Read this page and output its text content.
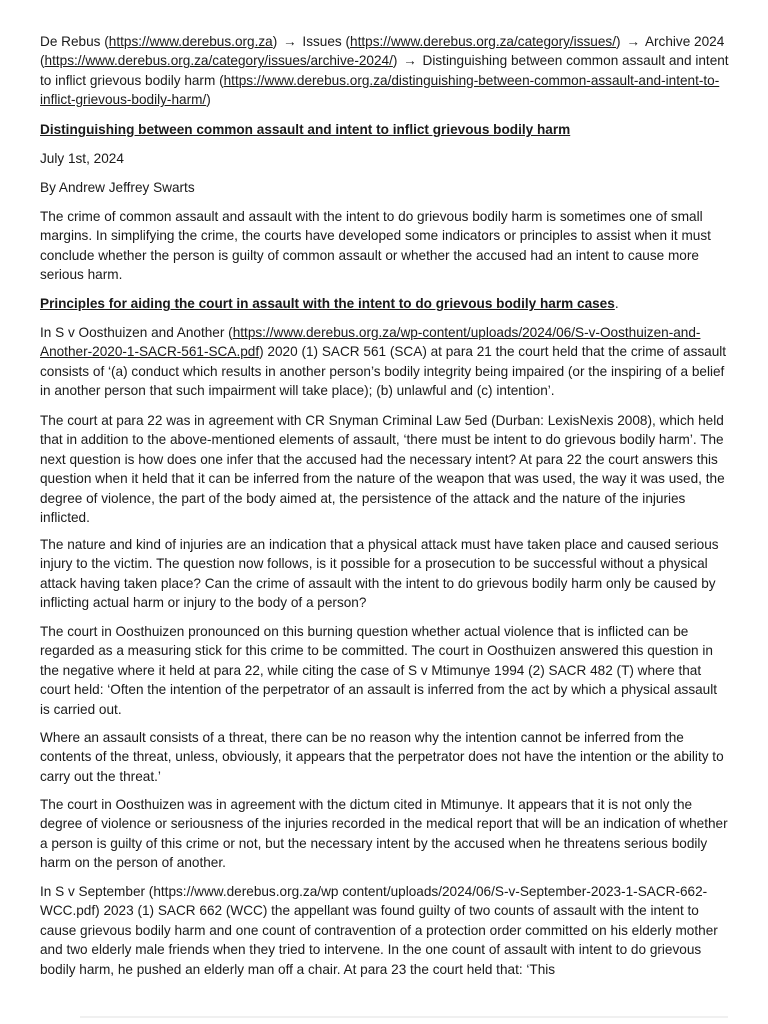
De Rebus (https://www.derebus.org.za) → Issues (https://www.derebus.org.za/category/issues/) → Archive 2024 (https://www.derebus.org.za/category/issues/archive-2024/) → Distinguishing between common assault and intent to inflict grievous bodily harm (https://www.derebus.org.za/distinguishing-between-common-assault-and-intent-to-inflict-grievous-bodily-harm/)

Distinguishing between common assault and intent to inflict grievous bodily harm

July 1st, 2024

By Andrew Jeffrey Swarts

The crime of common assault and assault with the intent to do grievous bodily harm is sometimes one of small margins. In simplifying the crime, the courts have developed some indicators or principles to assist when it must conclude whether the person is guilty of common assault or whether the accused had an intent to cause more serious harm.

Principles for aiding the court in assault with the intent to do grievous bodily harm cases.

In S v Oosthuizen and Another (https://www.derebus.org.za/wp-content/uploads/2024/06/S-v-Oosthuizen-and-Another-2020-1-SACR-561-SCA.pdf) 2020 (1) SACR 561 (SCA) at para 21 the court held that the crime of assault consists of ‘(a) conduct which results in another person’s bodily integrity being impaired (or the inspiring of a belief in another person that such impairment will take place); (b) unlawful and (c) intention’.

The court at para 22 was in agreement with CR Snyman Criminal Law 5ed (Durban: LexisNexis 2008), which held that in addition to the above-mentioned elements of assault, ‘there must be intent to do grievous bodily harm’. The next question is how does one infer that the accused had the necessary intent? At para 22 the court answers this question when it held that it can be inferred from the nature of the weapon that was used, the way it was used, the degree of violence, the part of the body aimed at, the persistence of the attack and the nature of the injuries inflicted.

The nature and kind of injuries are an indication that a physical attack must have taken place and caused serious injury to the victim. The question now follows, is it possible for a prosecution to be successful without a physical attack having taken place? Can the crime of assault with the intent to do grievous bodily harm only be caused by inflicting actual harm or injury to the body of a person?

The court in Oosthuizen pronounced on this burning question whether actual violence that is inflicted can be regarded as a measuring stick for this crime to be committed. The court in Oosthuizen answered this question in the negative where it held at para 22, while citing the case of S v Mtimunye 1994 (2) SACR 482 (T) where that court held: ‘Often the intention of the perpetrator of an assault is inferred from the act by which a physical assault is carried out.

Where an assault consists of a threat, there can be no reason why the intention cannot be inferred from the contents of the threat, unless, obviously, it appears that the perpetrator does not have the intention or the ability to carry out the threat.’

The court in Oosthuizen was in agreement with the dictum cited in Mtimunye. It appears that it is not only the degree of violence or seriousness of the injuries recorded in the medical report that will be an indication of whether a person is guilty of this crime or not, but the necessary intent by the accused when he threatens serious bodily harm on the person of another.

In S v September (https://www.derebus.org.za/wp content/uploads/2024/06/S-v-September-2023-1-SACR-662-WCC.pdf) 2023 (1) SACR 662 (WCC) the appellant was found guilty of two counts of assault with the intent to cause grievous bodily harm and one count of contravention of a protection order committed on his elderly mother and two elderly male friends when they tried to intervene. In the one count of assault with intent to do grievous bodily harm, he pushed an elderly man off a chair. At para 23 the court held that: ‘This
